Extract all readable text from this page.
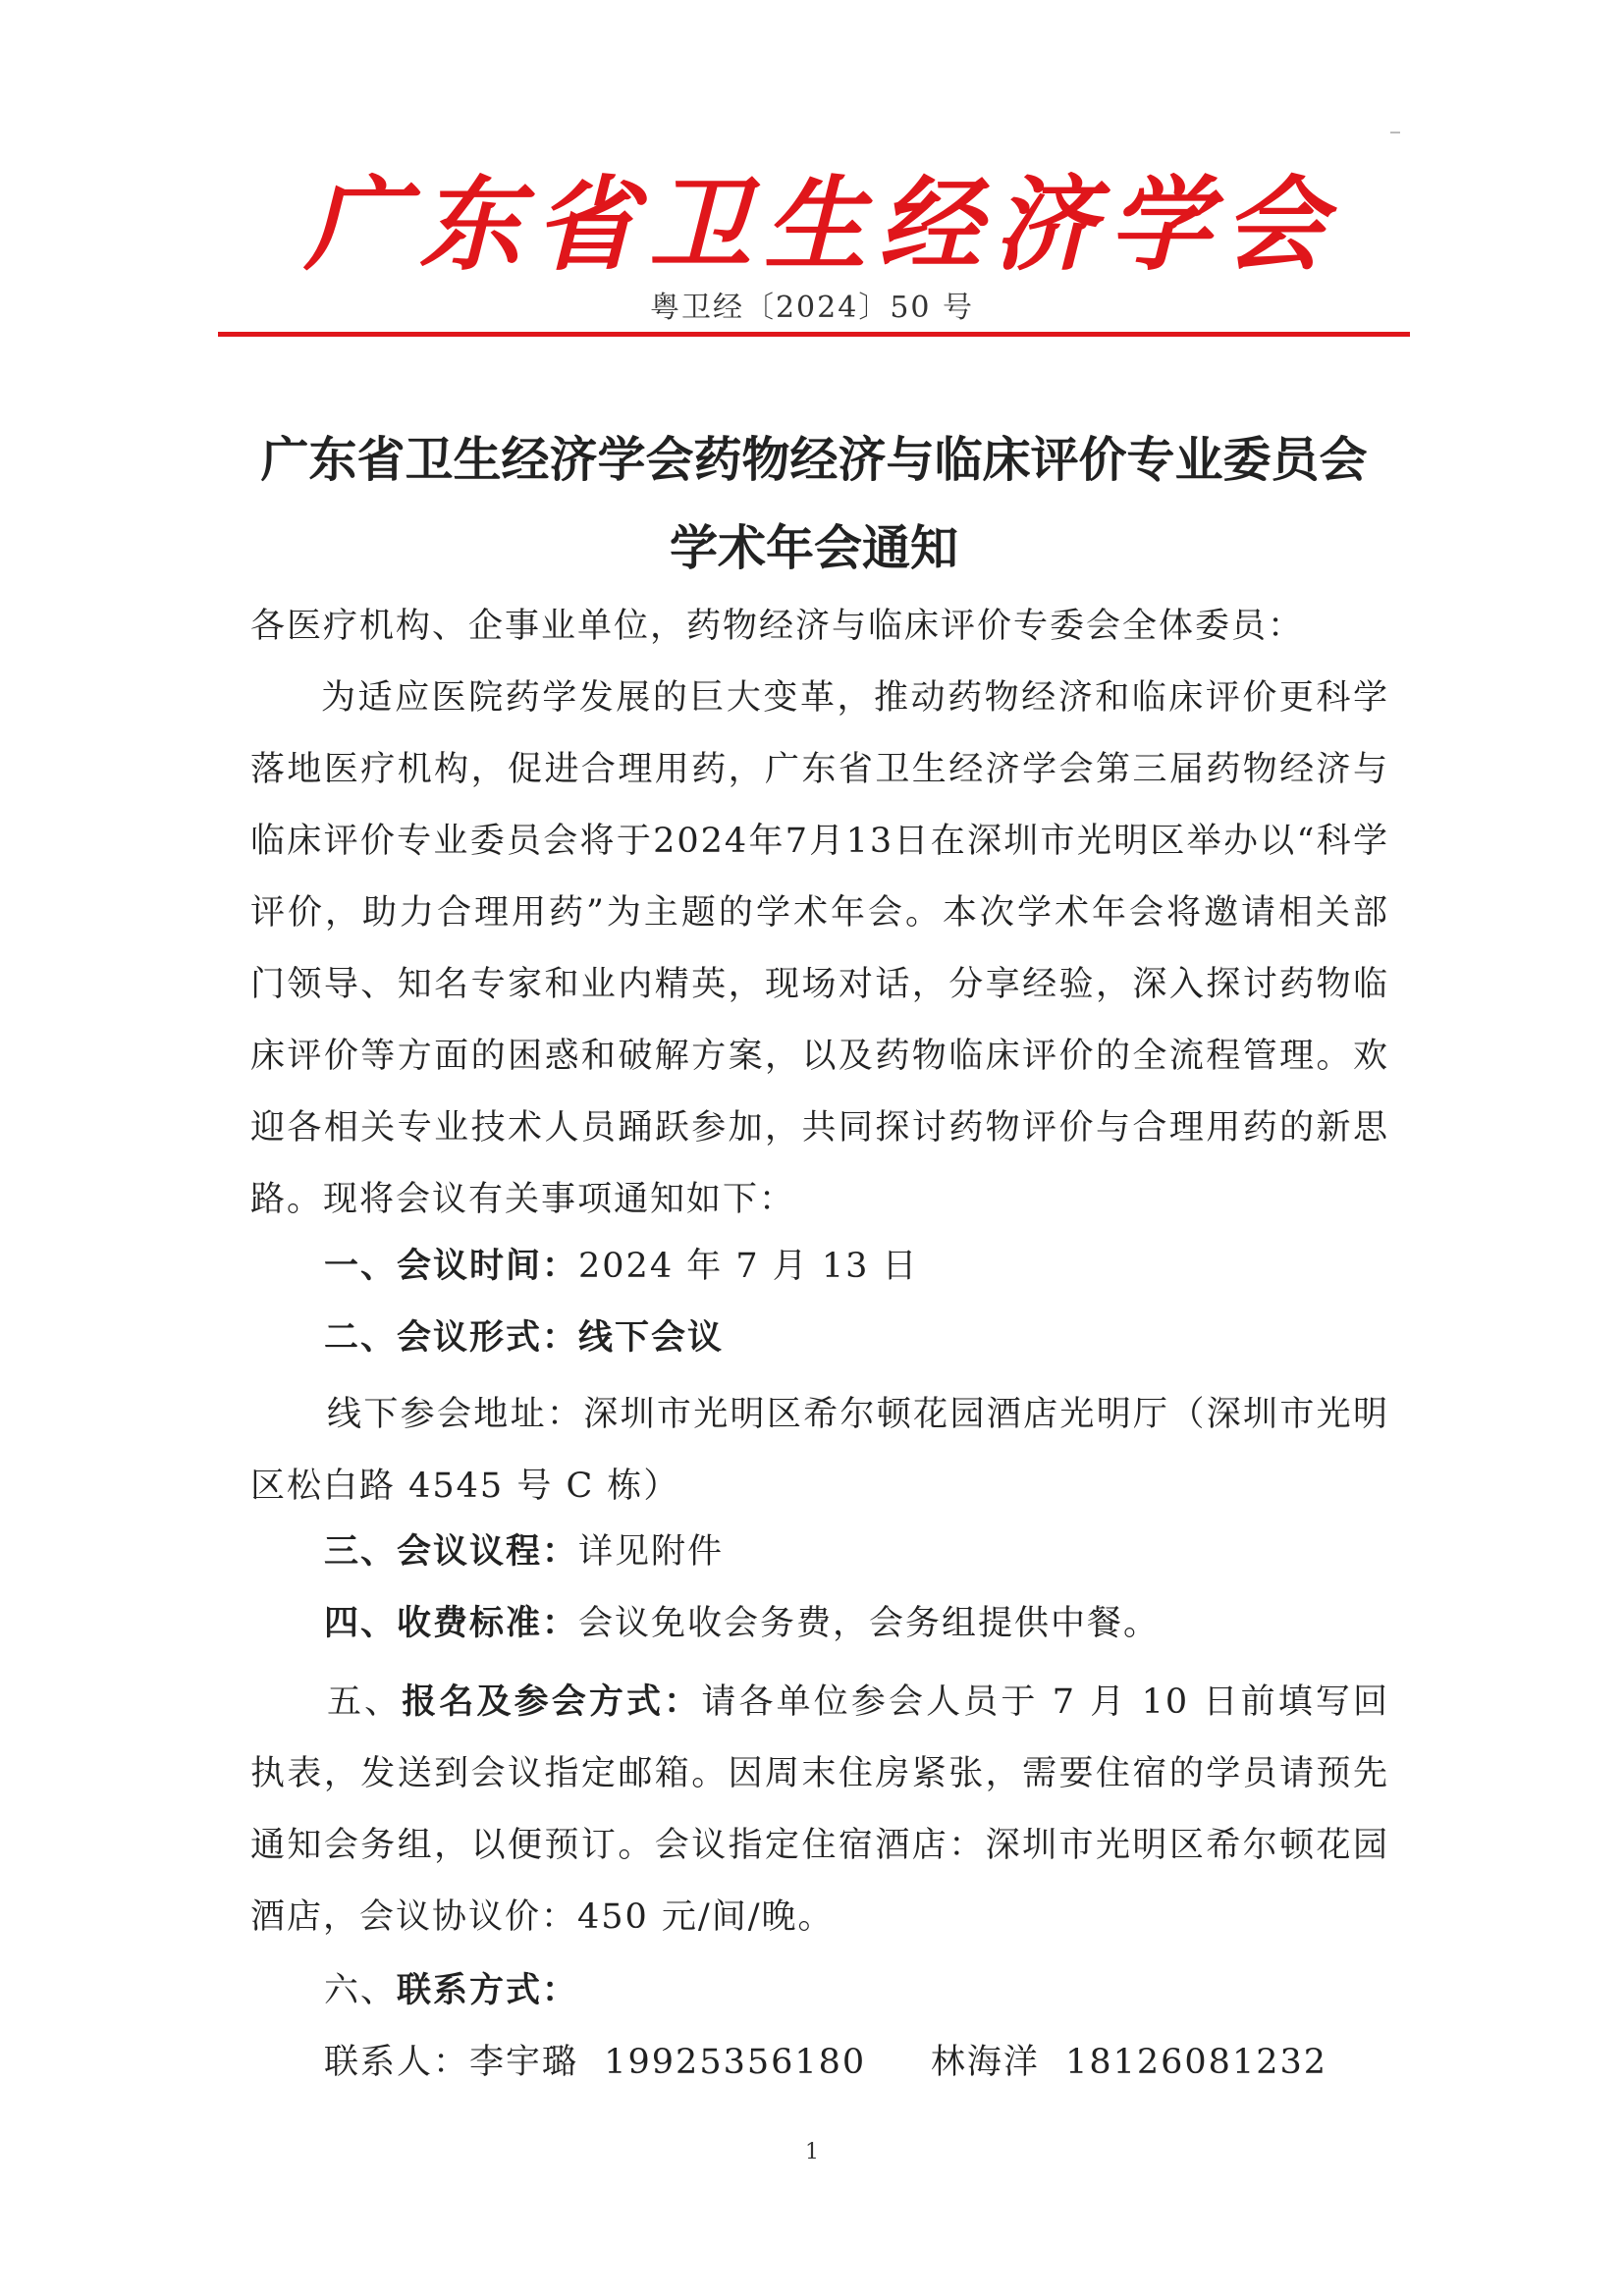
广 东 省 卫 生 经 济 学 会
粤卫经〔2024〕50 号
广东省卫生经济学会药物经济与临床评价专业委员会
学术年会通知
各医疗机构、企事业单位，药物经济与临床评价专委会全体委员：
为适应医院药学发展的巨大变革，推动药物经济和临床评价更科学落地医疗机构，促进合理用药，广东省卫生经济学会第三届药物经济与临床评价专业委员会将于2024年7月13日在深圳市光明区举办以“科学评价，助力合理用药”为主题的学术年会。本次学术年会将邀请相关部门领导、知名专家和业内精英，现场对话，分享经验，深入探讨药物临床评价等方面的困惑和破解方案，以及药物临床评价的全流程管理。欢迎各相关专业技术人员踊跃参加，共同探讨药物评价与合理用药的新思路。现将会议有关事项通知如下：
一、会议时间：2024 年 7 月 13 日
二、会议形式：线下会议
线下参会地址：深圳市光明区希尔顿花园酒店光明厅（深圳市光明区松白路 4545 号 C 栋）
三、会议议程：详见附件
四、收费标准：会议免收会务费，会务组提供中餐。
五、报名及参会方式：请各单位参会人员于 7 月 10 日前填写回执表，发送到会议指定邮箱。因周末住房紧张，需要住宿的学员请预先通知会务组，以便预订。会议指定住宿酒店：深圳市光明区希尔顿花园酒店，会议协议价：450 元/间/晚。
六、联系方式：
联系人：李宇璐  19925356180     林海洋  18126081232
1
